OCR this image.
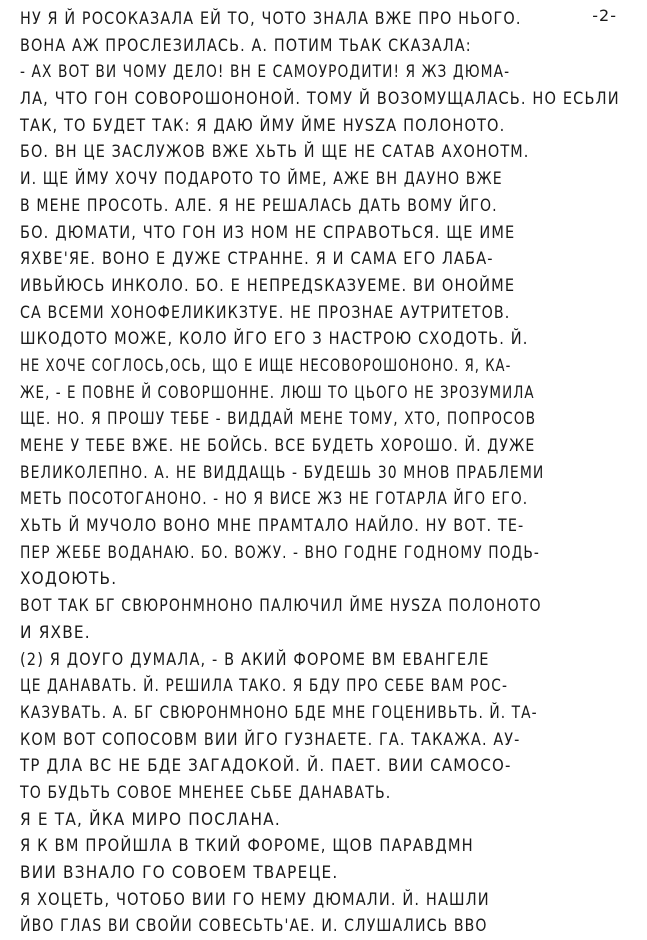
-2-
НУ Я Й РОСОКАЗАЛА ЕЙ ТО, ЧОТО ЗНАЛА ВЖЕ ПРО НЬОГО.
ВОНА АЖ ПРОСЛЕЗИЛАСЬ. А. ПОТИМ ТЬАК СКАЗАЛА:
- АХ ВОТ ВИ ЧОМУ ДЕЛО! ВН Е САМОУРОДИТИ! Я ЖЗ ДЮМА-
ЛА, ЧТО ГОН СОВОРОШОНОНОЙ. ТОМУ Й ВОЗОМУЩАЛАСЬ. НО ЕСЬЛИ
ТАК, ТО БУДЕТ ТАК: Я ДАЮ ЙМУ ЙМЕ НУSZА ПОЛОНОТО.
БО. ВН ЦЕ ЗАСЛУЖОВ ВЖЕ ХЬТЬ Й ЩЕ НЕ САТАВ АХОНОТМ.
И. ЩЕ ЙМУ ХОЧУ ПОДАРОТО ТО ЙМЕ, АЖЕ ВН ДАУНО ВЖЕ
В МЕНЕ ПРОСОТЬ. АЛЕ. Я НЕ РЕШАЛАСЬ ДАТЬ ВОМУ ЙГО.
БО. ДЮМАТИ, ЧТО ГОН ИЗ НОМ НЕ СПРАВОТЬСЯ. ЩЕ ИМЕ
ЯХВЕ'ЯЕ. ВОНО Е ДУЖЕ СТРАННЕ. Я И САМА ЕГО ЛАБА-
ИВЬЙЮСЬ ИНКОЛО. БО. Е НЕПРЕДSКАЗУЕМЕ. ВИ ОНОЙМЕ
СА ВСЕМИ ХОНОФЕЛИКИКЗТУЕ. НЕ ПРОЗНАЕ АУТРИТЕТОВ.
ШКОДОТО МОЖЕ, КОЛО ЙГО ЕГО З НАСТРОЮ СХОДОТЬ. Й.
НЕ ХОЧЕ СОГЛОСЬ,ОСЬ, ЩО Е ИЩЕ НЕСОВОРОШОНОНО. Я, КА-
ЖЕ, - Е ПОВНЕ Й СОВОРШОННЕ. ЛЮШ ТО ЦЬОГО НЕ ЗРОЗУМИЛА
ЩЕ. НО. Я ПРОШУ ТЕБЕ - ВИДДАЙ МЕНЕ ТОМУ, ХТО, ПОПРОСОВ
МЕНЕ У ТЕБЕ ВЖЕ. НЕ БОЙСЬ. ВСЕ БУДЕТЬ ХОРОШО. Й. ДУЖЕ
ВЕЛИКОЛЕПНО. А. НЕ ВИДДАЩЬ - БУДЕШЬ 30 МНОВ ПРАБЛЕМИ
МЕТЬ ПОСОТОГАНОНО. - НО Я ВИСЕ ЖЗ НЕ ГОТАРЛА ЙГО ЕГО.
ХЬТЬ Й МУЧОЛО ВОНО МНЕ ПРАМТАЛО НАЙЛО. НУ ВОТ. ТЕ-
ПЕР ЖЕБЕ ВОДАНАЮ. БО. ВОЖУ. - ВНО ГОДНЕ ГОДНОМУ ПОДЬ-
ХОДОЮТЬ.
ВОТ ТАК БГ СВЮРОНМНОНО ПАЛЮЧИЛ ЙМЕ НУSZА ПОЛОНОТО
И ЯХВЕ.
(2) Я ДОУГО ДУМАЛА, - В АКИЙ ФОРОМЕ ВМ ЕВАНГЕЛЕ
ЦЕ ДАНАВАТЬ. Й. РЕШИЛА ТАКО. Я БДУ ПРО СЕБЕ ВАМ РОС-
КАЗУВАТЬ. А. БГ СВЮРОНМНОНО БДЕ МНЕ ГОЦЕНИВЬТЬ. Й. ТА-
КОМ ВОТ СОПОСОВМ ВИИ ЙГО ГУЗНАЕТЕ. ГА. ТАКАЖА. АУ-
ТР ДЛА ВС НЕ БДЕ ЗАГАДОКОЙ. Й. ПАЕТ. ВИИ САМОСО-
ТО БУДЬТЬ СОВОЕ МНЕНЕЕ СЬБЕ ДАНАВАТЬ.
Я Е ТА, ЙКА МИРО ПОСЛАНА.
Я К ВМ ПРОЙШЛА В ТКИЙ ФОРОМЕ, ЩОВ ПАРАВДМН
ВИИ ВЗНАЛО ГО СОВОЕМ ТВАРЕЦЕ.
Я ХОЦЕТЬ, ЧОТОБО ВИИ ГО НЕМУ ДЮМАЛИ. Й. НАШЛИ
ЙВО ГЛАS ВИ СВОЙИ СОВЕСЬТЬ'АЕ. И. СЛУШАЛИСЬ ВВО
